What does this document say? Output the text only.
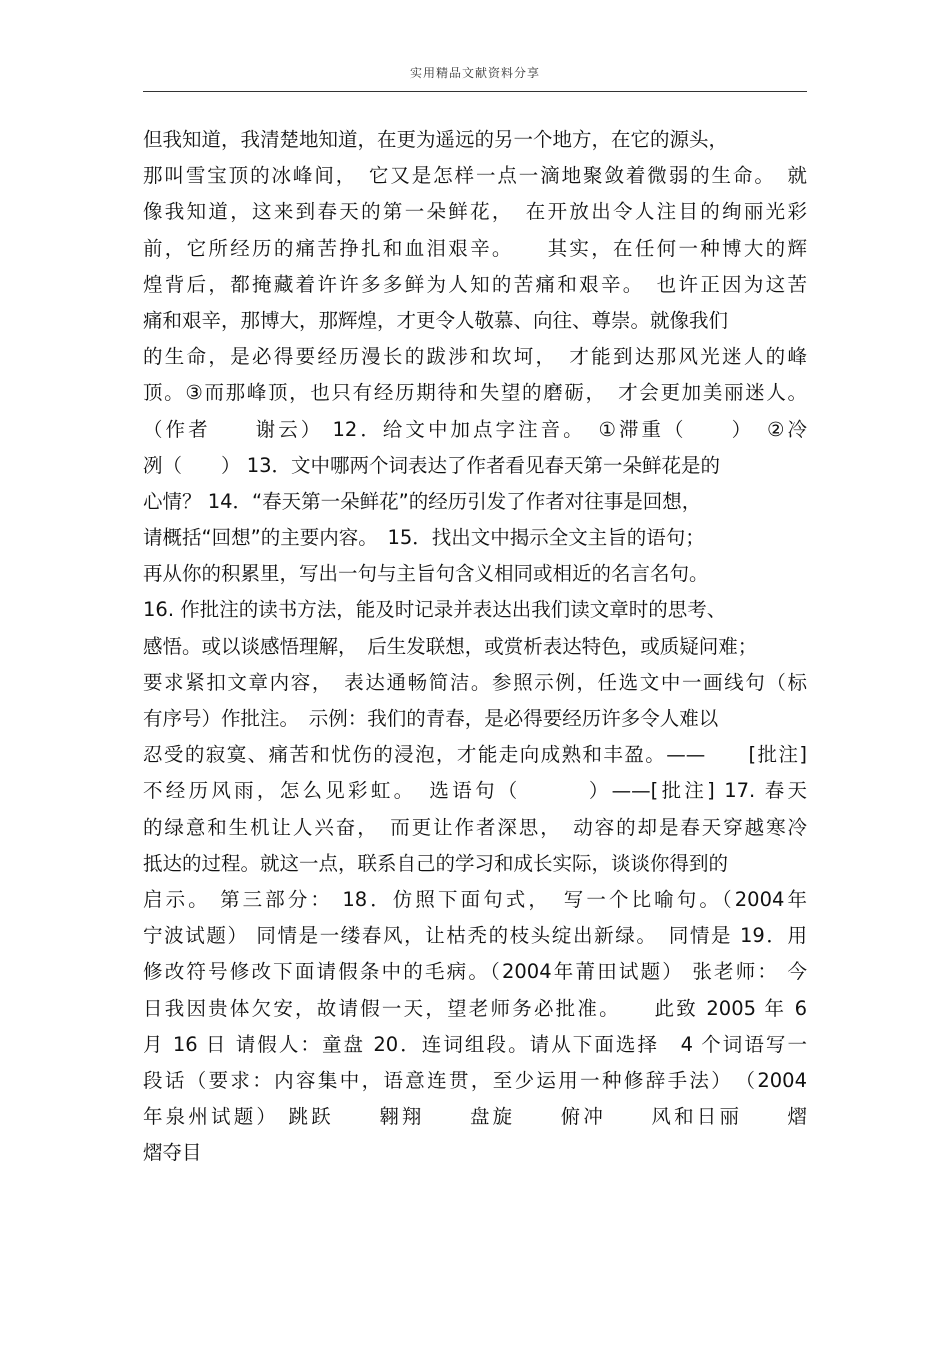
实用精品文献资料分享
但我知道，我清楚地知道，在更为遥远的另一个地方，在它的源头，
那叫雪宝顶的冰峰间，　它又是怎样一点一滴地聚敛着微弱的生命。　就
像我知道，这来到春天的第一朵鲜花，　在开放出令人注目的绚丽光彩
前，它所经历的痛苦挣扎和血泪艰辛。　　其实，在任何一种博大的辉
煌背后，都掩藏着许许多多鲜为人知的苦痛和艰辛。　也许正因为这苦
痛和艰辛，那博大，那辉煌，才更令人敬慕、向往、尊崇。就像我们
的生命，是必得要经历漫长的跋涉和坎坷，　才能到达那风光迷人的峰
顶。③而那峰顶，也只有经历期待和失望的磨砺，　才会更加美丽迷人。
（作者　　谢云） 12．给文中加点字注音。　①滞重（　　）　②冷
冽（　　） 13．文中哪两个词表达了作者看见春天第一朵鲜花是的
心情？ 14．“春天第一朵鲜花”的经历引发了作者对往事是回想，
请概括“回想”的主要内容。　15．找出文中揭示全文主旨的语句；
再从你的积累里，写出一句与主旨句含义相同或相近的名言名句。
16. 作批注的读书方法，能及时记录并表达出我们读文章时的思考、
感悟。或以谈感悟理解，　后生发联想，或赏析表达特色，或质疑问难；
要求紧扣文章内容，　表达通畅简洁。参照示例，任选文中一画线句（标
有序号）作批注。　示例：我们的青春，是必得要经历许多令人难以
忍受的寂寞、痛苦和忧伤的浸泡，才能走向成熟和丰盈。——　　[批注]
不经历风雨，怎么见彩虹。　选语句（　　　）——[批注] 17. 春天
的绿意和生机让人兴奋，　而更让作者深思，　动容的却是春天穿越寒冷
抵达的过程。就这一点，联系自己的学习和成长实际，谈谈你得到的
启示。 第三部分： 18．仿照下面句式，　写一个比喻句。（2004年
宁波试题） 同情是一缕春风，让枯秃的枝头绽出新绿。　同情是 19．用
修改符号修改下面请假条中的毛病。（2004年莆田试题） 张老师： 今
日我因贵体欠安，故请假一天，望老师务必批准。　　此致 2005 年 6
月 16 日 请假人：童盘 20．连词组段。请从下面选择　4 个词语写一
段话（要求：内容集中，语意连贯，至少运用一种修辞手法）　（2004
年泉州试题） 跳跃　　翱翔　　盘旋　　俯冲　　风和日丽　　熠
熠夺目
